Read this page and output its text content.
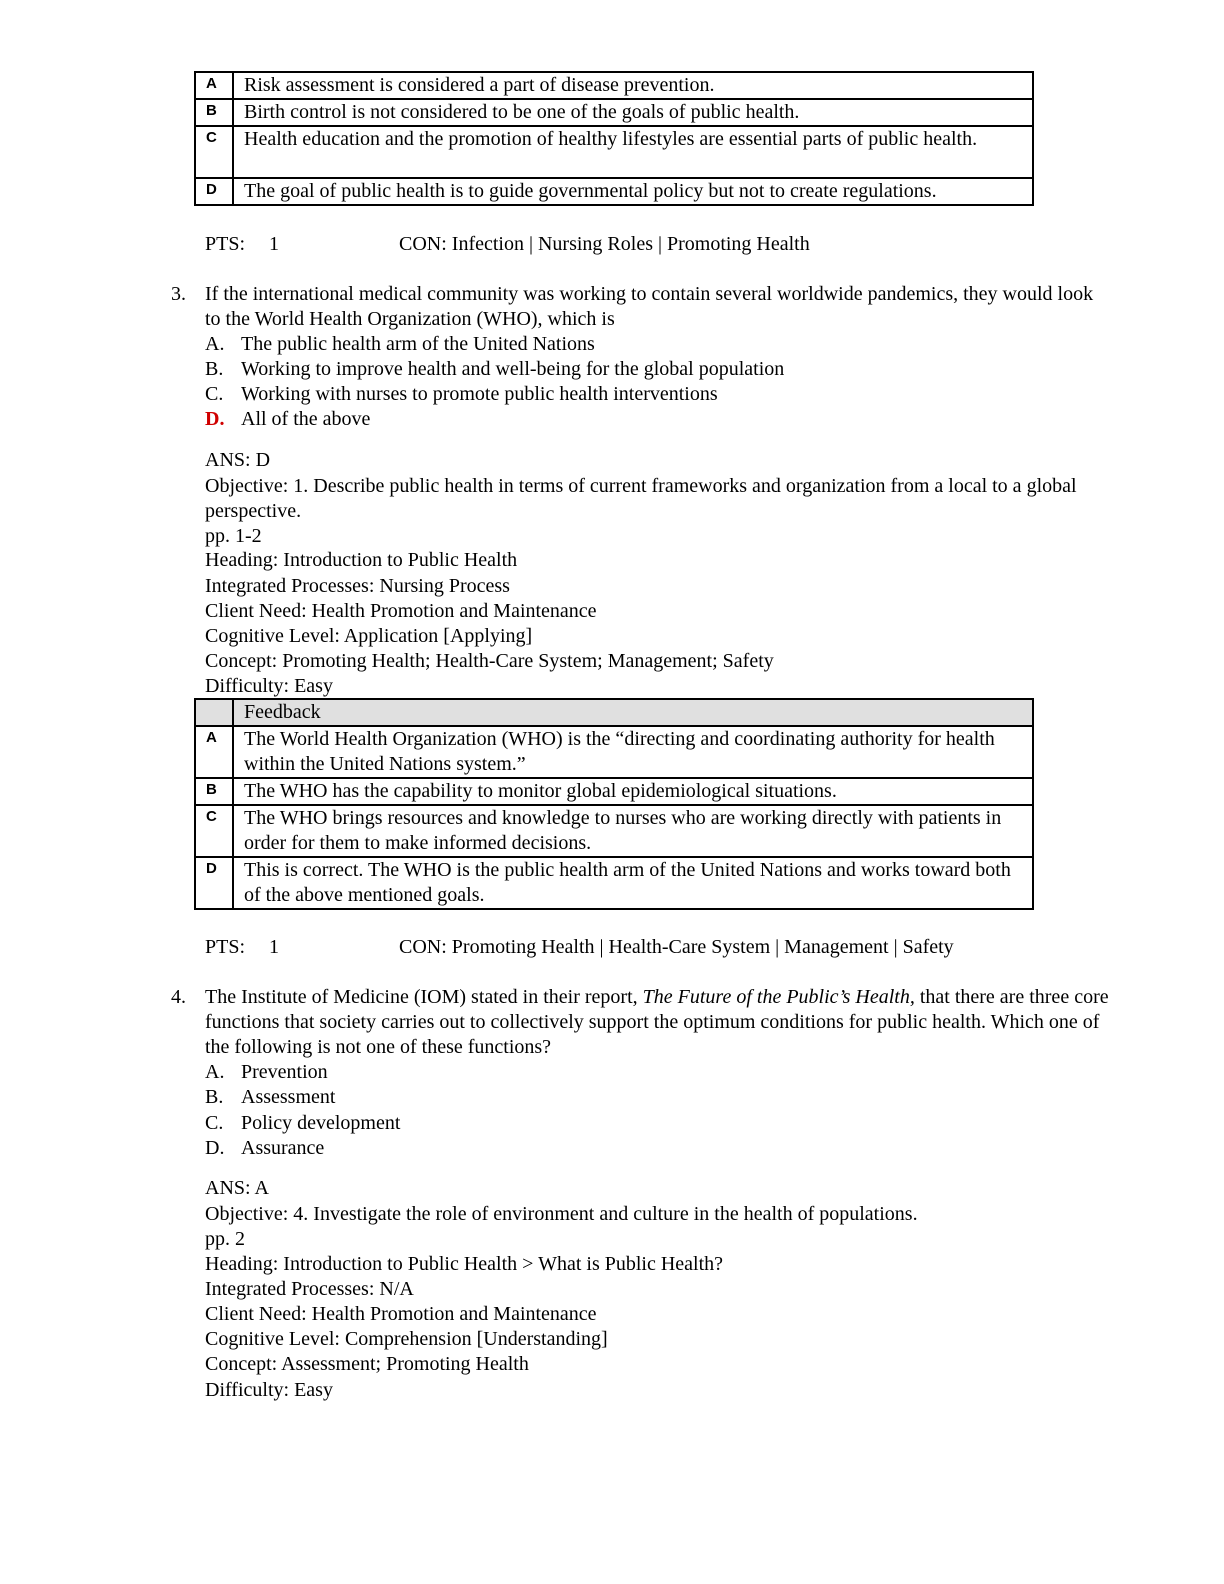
A	Risk assessment is considered a part of disease prevention.
B	Birth control is not considered to be one of the goals of public health.
C	Health education and the promotion of healthy lifestyles are essential parts of public health.
D	The goal of public health is to guide governmental policy but not to create regulations.
PTS: 1	CON: Infection | Nursing Roles | Promoting Health
3. If the international medical community was working to contain several worldwide pandemics, they would look to the World Health Organization (WHO), which is
A. The public health arm of the United Nations
B. Working to improve health and well-being for the global population
C. Working with nurses to promote public health interventions
D. All of the above
ANS: D
Objective: 1. Describe public health in terms of current frameworks and organization from a local to a global perspective.
pp. 1-2
Heading: Introduction to Public Health
Integrated Processes: Nursing Process
Client Need: Health Promotion and Maintenance
Cognitive Level: Application [Applying]
Concept: Promoting Health; Health-Care System; Management; Safety
Difficulty: Easy
	Feedback
A	The World Health Organization (WHO) is the “directing and coordinating authority for health within the United Nations system.”
B	The WHO has the capability to monitor global epidemiological situations.
C	The WHO brings resources and knowledge to nurses who are working directly with patients in order for them to make informed decisions.
D	This is correct. The WHO is the public health arm of the United Nations and works toward both of the above mentioned goals.
PTS: 1	CON: Promoting Health | Health-Care System | Management | Safety
4. The Institute of Medicine (IOM) stated in their report, The Future of the Public’s Health, that there are three core functions that society carries out to collectively support the optimum conditions for public health. Which one of the following is not one of these functions?
A. Prevention
B. Assessment
C. Policy development
D. Assurance
ANS: A
Objective: 4. Investigate the role of environment and culture in the health of populations.
pp. 2
Heading: Introduction to Public Health > What is Public Health?
Integrated Processes: N/A
Client Need: Health Promotion and Maintenance
Cognitive Level: Comprehension [Understanding]
Concept: Assessment; Promoting Health
Difficulty: Easy
